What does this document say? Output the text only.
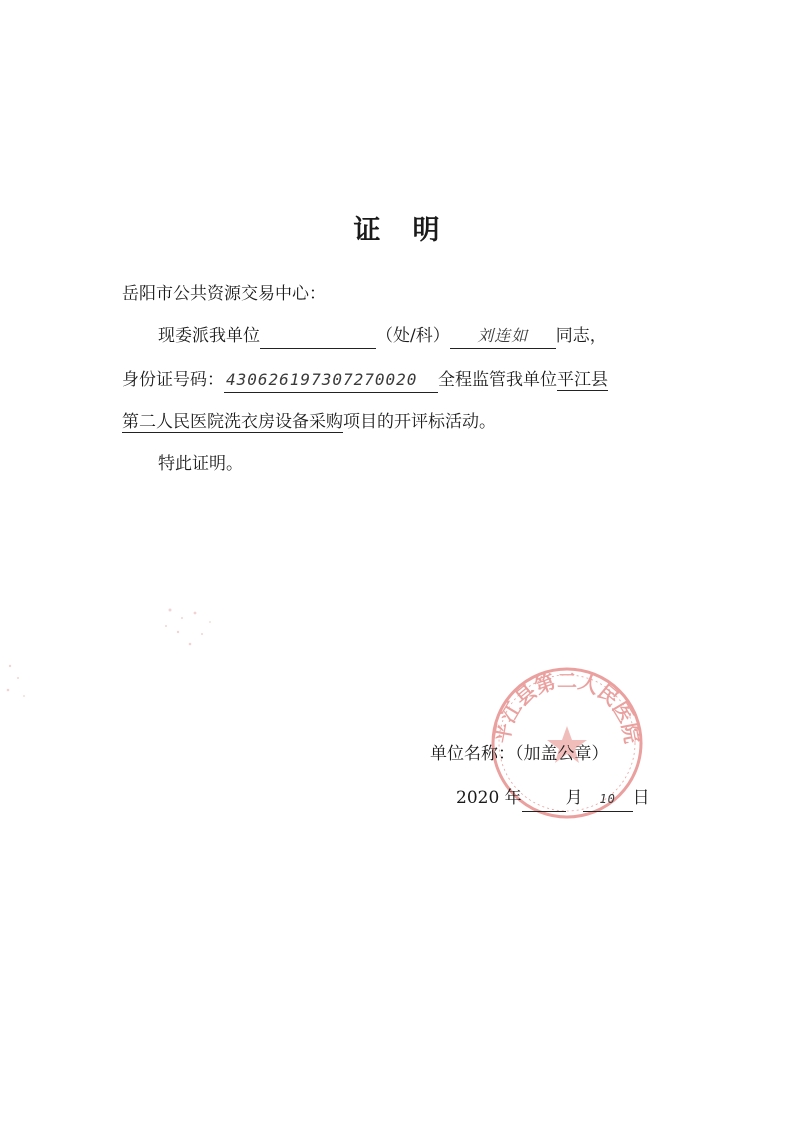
证 明
岳阳市公共资源交易中心：
现委派我单位	（处/科） 刘连如 同志，
身份证号码： 430626197307270020 全程监管我单位平江县
第二人民医院洗衣房设备采购项目的开评标活动。
特此证明。
平江县第二人民医院
单位名称：（加盖公章）
2020 年	月 10 日
